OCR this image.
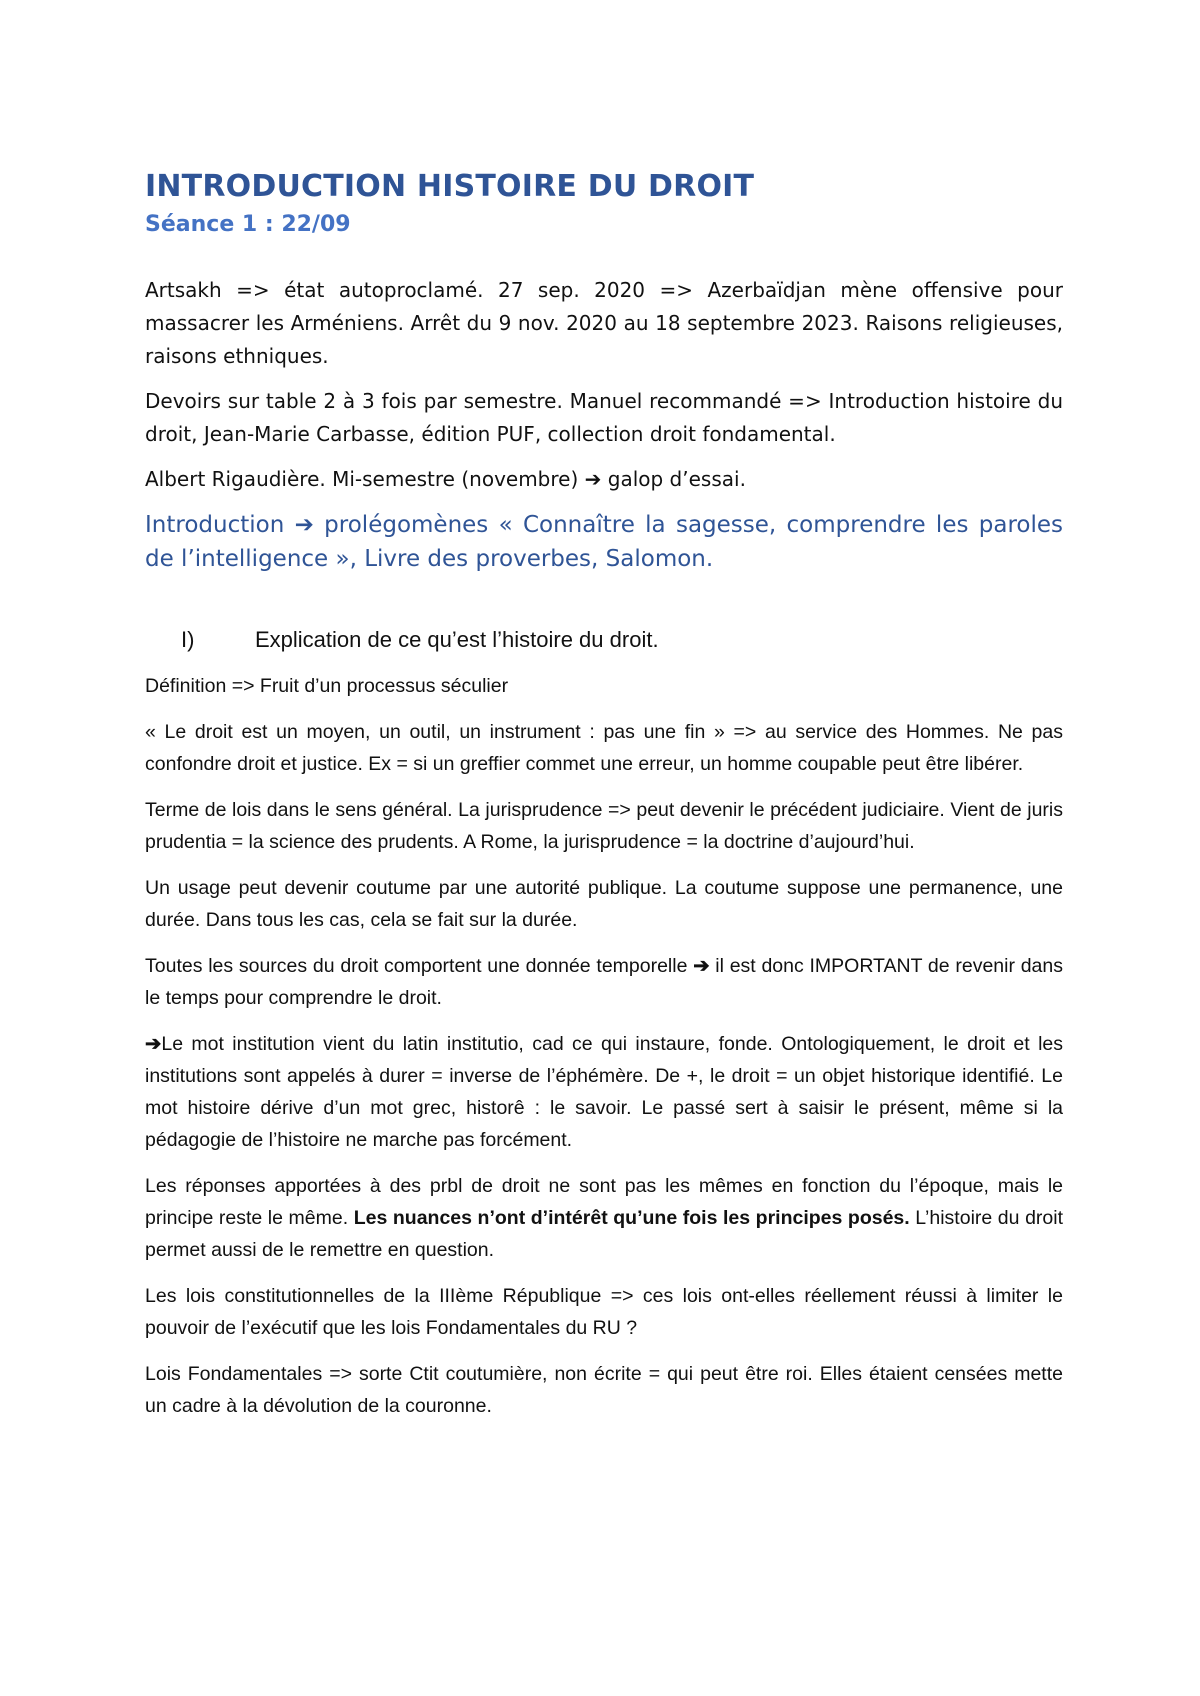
INTRODUCTION HISTOIRE DU DROIT
Séance 1 : 22/09

Artsakh => état autoproclamé. 27 sep. 2020 => Azerbaïdjan mène offensive pour massacrer les Arméniens. Arrêt du 9 nov. 2020 au 18 septembre 2023. Raisons religieuses, raisons ethniques.

Devoirs sur table 2 à 3 fois par semestre. Manuel recommandé => Introduction histoire du droit, Jean-Marie Carbasse, édition PUF, collection droit fondamental.

Albert Rigaudière. Mi-semestre (novembre) ➔ galop d’essai.

Introduction ➔ prolégomènes « Connaître la sagesse, comprendre les paroles de l’intelligence », Livre des proverbes, Salomon.

I)	Explication de ce qu’est l’histoire du droit.

Définition => Fruit d’un processus séculier

« Le droit est un moyen, un outil, un instrument : pas une fin » => au service des Hommes. Ne pas confondre droit et justice. Ex = si un greffier commet une erreur, un homme coupable peut être libérer.

Terme de lois dans le sens général. La jurisprudence => peut devenir le précédent judiciaire. Vient de juris prudentia = la science des prudents. A Rome, la jurisprudence = la doctrine d’aujourd’hui.

Un usage peut devenir coutume par une autorité publique. La coutume suppose une permanence, une durée. Dans tous les cas, cela se fait sur la durée.

Toutes les sources du droit comportent une donnée temporelle ➔ il est donc IMPORTANT de revenir dans le temps pour comprendre le droit.

➔Le mot institution vient du latin institutio, cad ce qui instaure, fonde. Ontologiquement, le droit et les institutions sont appelés à durer = inverse de l’éphémère. De +, le droit = un objet historique identifié. Le mot histoire dérive d’un mot grec, historê : le savoir. Le passé sert à saisir le présent, même si la pédagogie de l’histoire ne marche pas forcément.

Les réponses apportées à des prbl de droit ne sont pas les mêmes en fonction du l’époque, mais le principe reste le même. Les nuances n’ont d’intérêt qu’une fois les principes posés. L’histoire du droit permet aussi de le remettre en question.

Les lois constitutionnelles de la IIIème République => ces lois ont-elles réellement réussi à limiter le pouvoir de l’exécutif que les lois Fondamentales du RU ?

Lois Fondamentales => sorte Ctit coutumière, non écrite = qui peut être roi. Elles étaient censées mette un cadre à la dévolution de la couronne.
